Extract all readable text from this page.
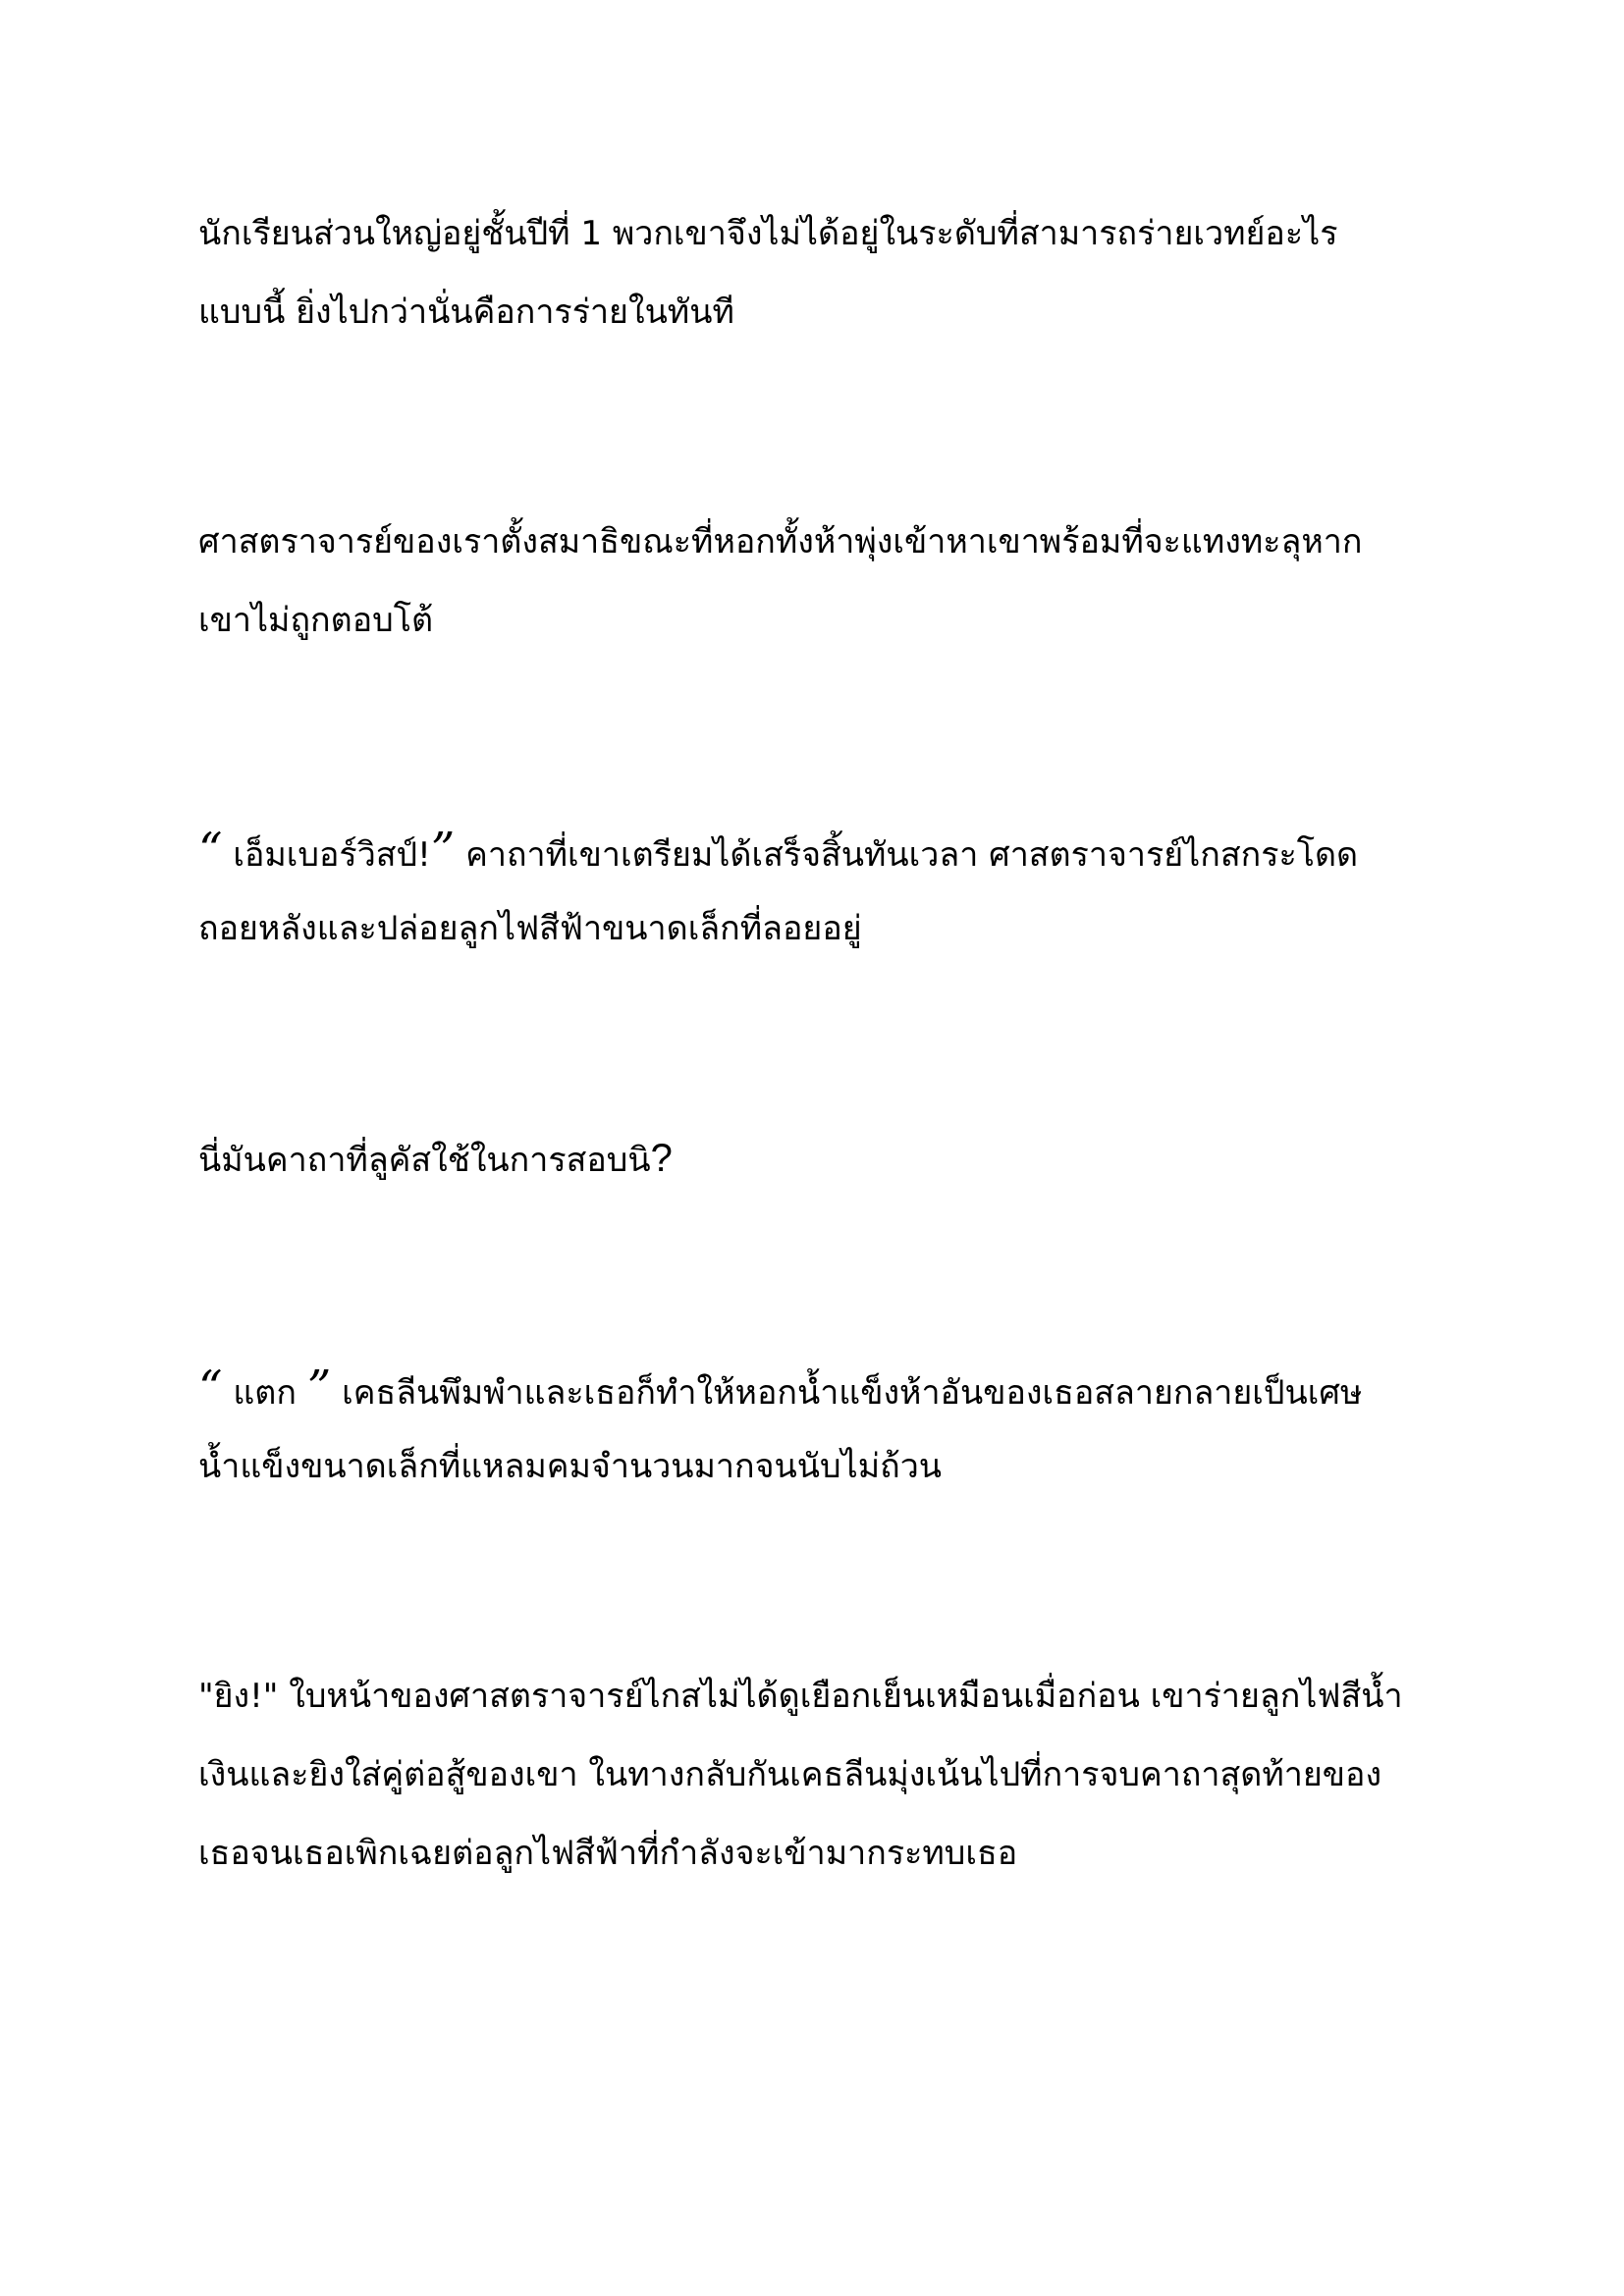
นักเรียนส่วนใหญ่อยู่ชั้นปีที่ 1 พวกเขาจึงไม่ได้อยู่ในระดับที่สามารถร่ายเวทย์อะไร
แบบนี้ ยิ่งไปกว่านั่นคือการร่ายในทันที
ศาสตราจารย์ของเราตั้งสมาธิขณะที่หอกทั้งห้าพุ่งเข้าหาเขาพร้อมที่จะแทงทะลุหาก
เขาไม่ถูกตอบโต้
“ เอ็มเบอร์วิสป์!” คาถาที่เขาเตรียมได้เสร็จสิ้นทันเวลา ศาสตราจารย์ไกสกระโดด
ถอยหลังและปล่อยลูกไฟสีฟ้าขนาดเล็กที่ลอยอยู่
นี่มันคาถาที่ลูคัสใช้ในการสอบนิ?
“ แตก ” เคธลีนพึมพำและเธอก็ทำให้หอกน้ำแข็งห้าอันของเธอสลายกลายเป็นเศษ
น้ำแข็งขนาดเล็กที่แหลมคมจำนวนมากจนนับไม่ถ้วน
"ยิง!" ใบหน้าของศาสตราจารย์ไกสไม่ได้ดูเยือกเย็นเหมือนเมื่อก่อน เขาร่ายลูกไฟสีน้ำ
เงินและยิงใส่คู่ต่อสู้ของเขา ในทางกลับกันเคธลีนมุ่งเน้นไปที่การจบคาถาสุดท้ายของ
เธอจนเธอเพิกเฉยต่อลูกไฟสีฟ้าที่กำลังจะเข้ามากระทบเธอ
